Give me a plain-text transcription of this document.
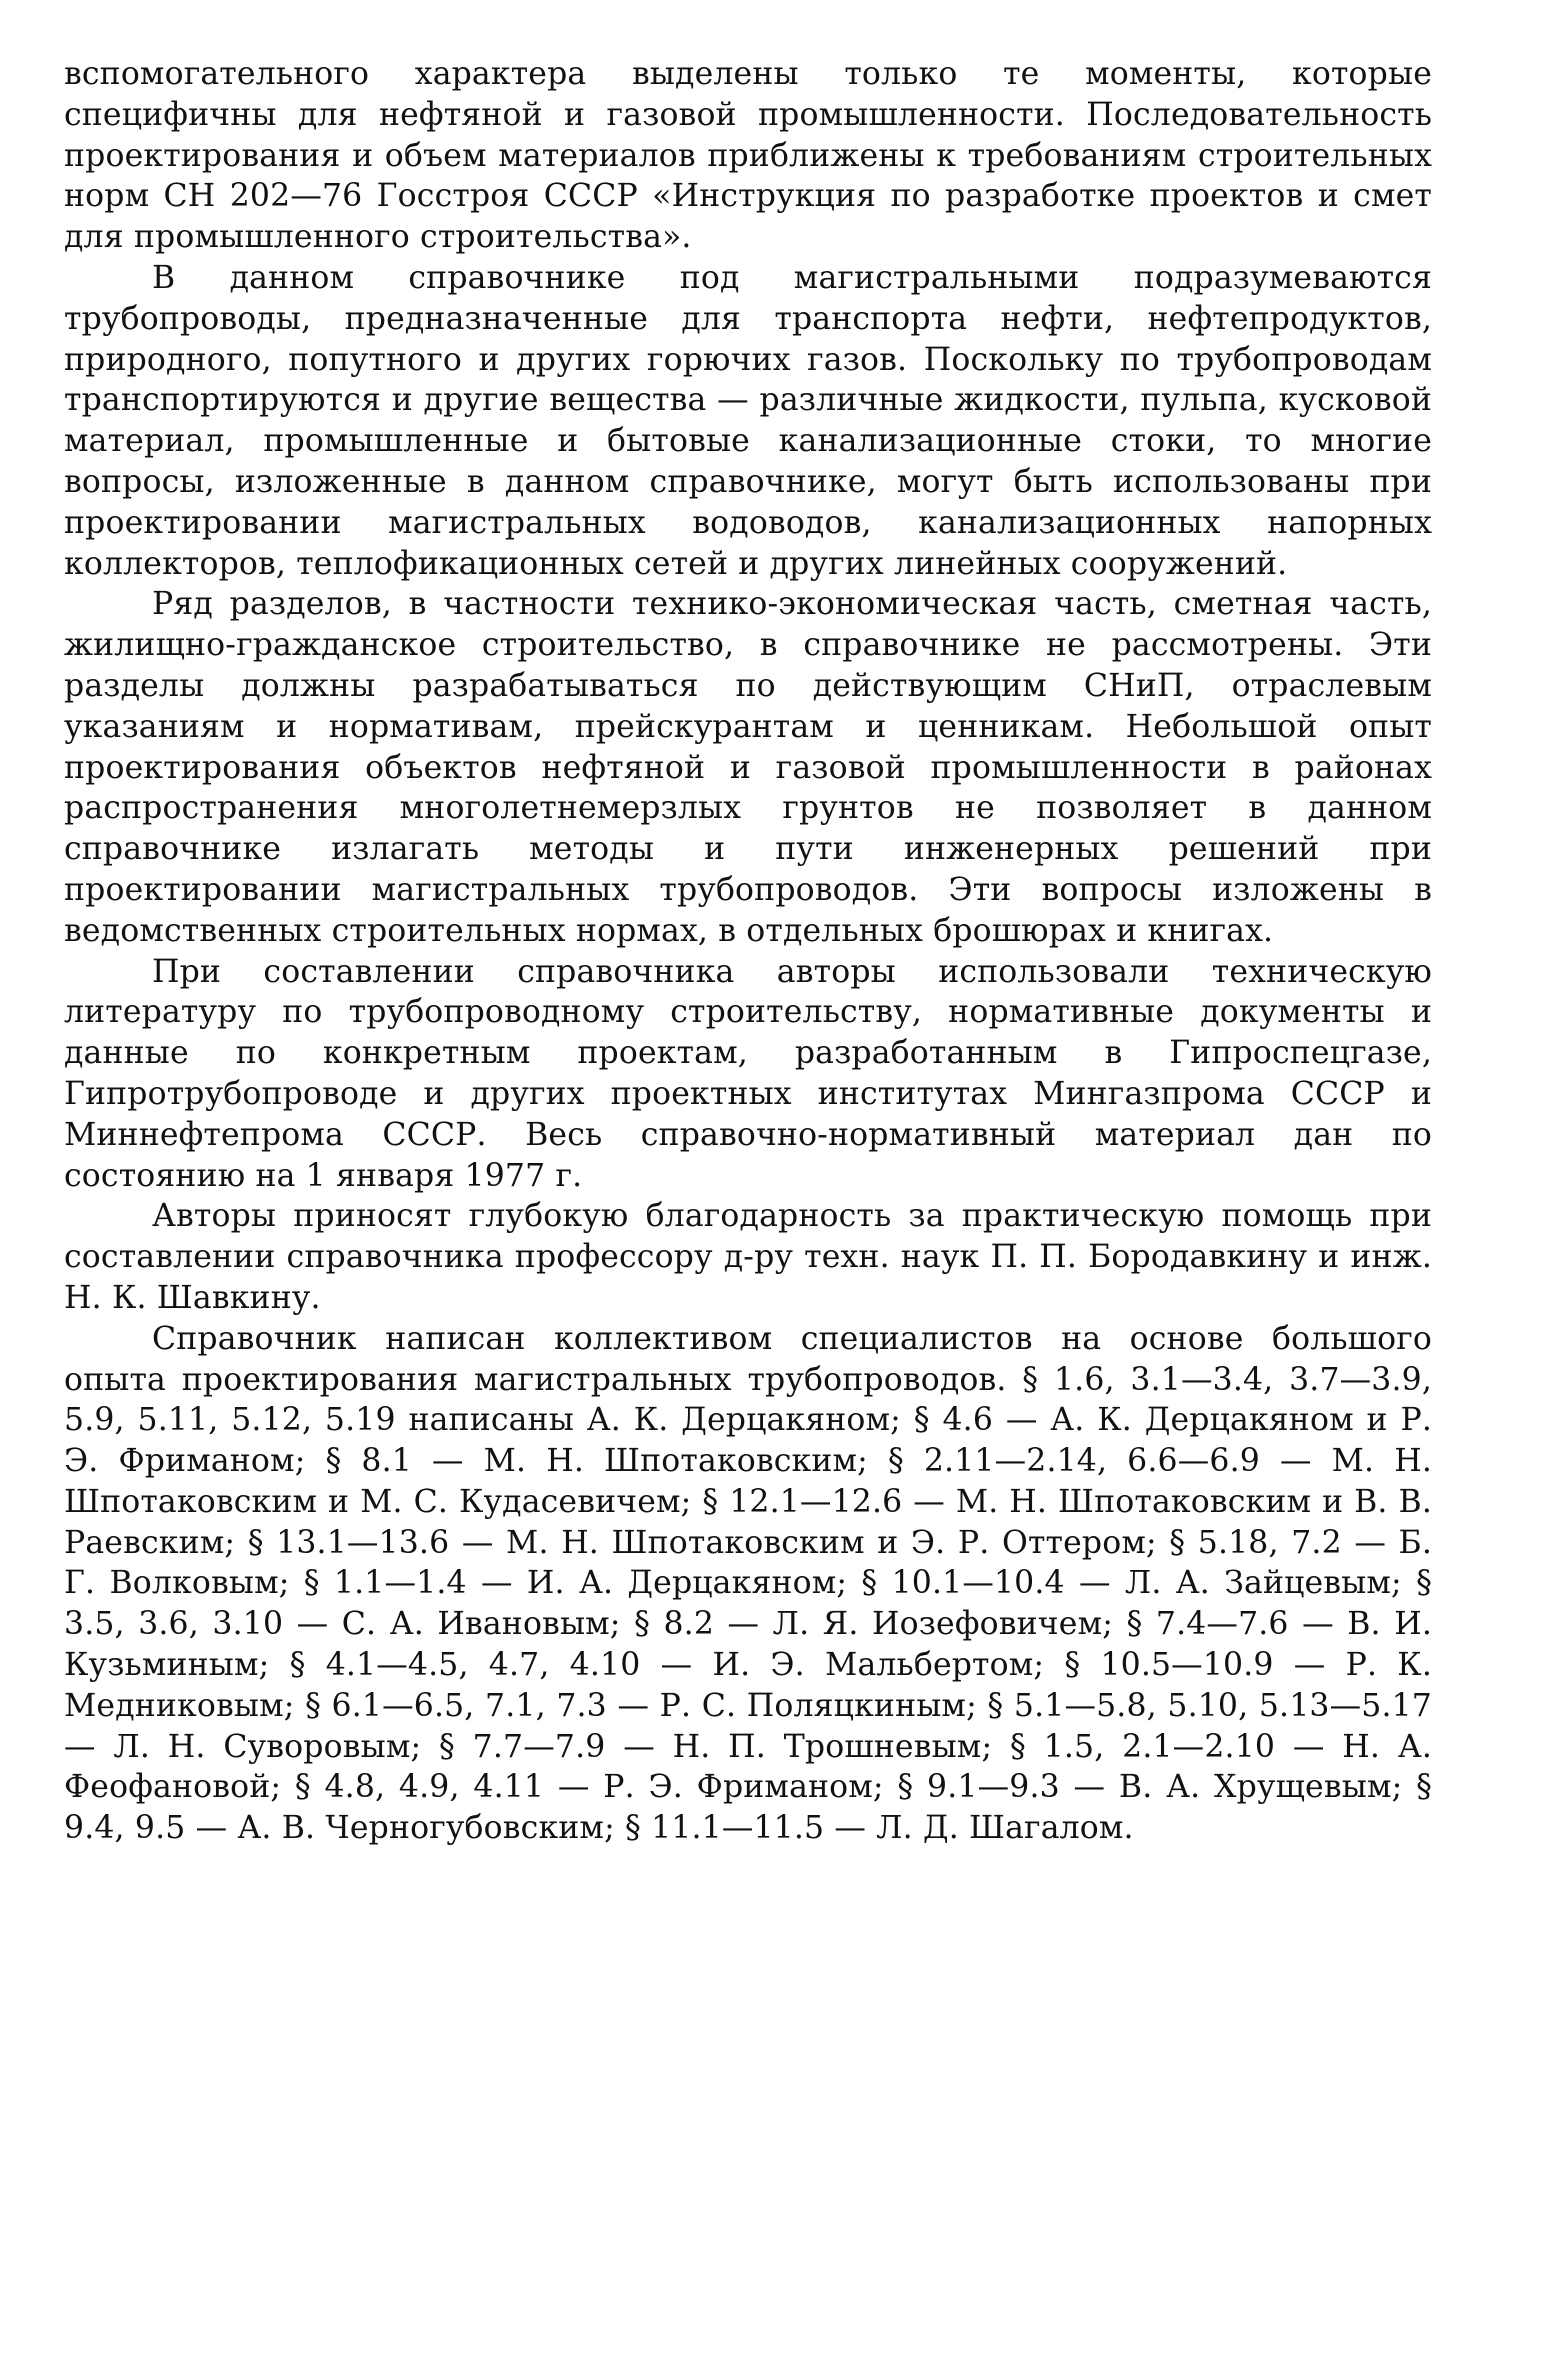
вспомогательного характера выделены только те моменты, которые специфичны для нефтяной и газовой промышленности. Последовательность проектирования и объем материалов приближены к требованиям строительных норм СН 202—76 Госстроя СССР «Инструкция по разработке проектов и смет для промышленного строительства».

В данном справочнике под магистральными подразумеваются трубопроводы, предназначенные для транспорта нефти, нефтепродуктов, природного, попутного и других горючих газов. Поскольку по трубопроводам транспортируются и другие вещества — различные жидкости, пульпа, кусковой материал, промышленные и бытовые канализационные стоки, то многие вопросы, изложенные в данном справочнике, могут быть использованы при проектировании магистральных водоводов, канализационных напорных коллекторов, теплофикационных сетей и других линейных сооружений.

Ряд разделов, в частности технико-экономическая часть, сметная часть, жилищно-гражданское строительство, в справочнике не рассмотрены. Эти разделы должны разрабатываться по действующим СНиП, отраслевым указаниям и нормативам, прейскурантам и ценникам. Небольшой опыт проектирования объектов нефтяной и газовой промышленности в районах распространения многолетнемерзлых грунтов не позволяет в данном справочнике излагать методы и пути инженерных решений при проектировании магистральных трубопроводов. Эти вопросы изложены в ведомственных строительных нормах, в отдельных брошюрах и книгах.

При составлении справочника авторы использовали техническую литературу по трубопроводному строительству, нормативные документы и данные по конкретным проектам, разработанным в Гипроспецгазе, Гипротрубопроводе и других проектных институтах Мингазпрома СССР и Миннефтепрома СССР. Весь справочно-нормативный материал дан по состоянию на 1 января 1977 г.

Авторы приносят глубокую благодарность за практическую помощь при составлении справочника профессору д-ру техн. наук П. П. Бородавкину и инж. Н. К. Шавкину.

Справочник написан коллективом специалистов на основе большого опыта проектирования магистральных трубопроводов. § 1.6, 3.1—3.4, 3.7—3.9, 5.9, 5.11, 5.12, 5.19 написаны А. К. Дерцакяном; § 4.6 — А. К. Дерцакяном и Р. Э. Фриманом; § 8.1 — М. Н. Шпотаковским; § 2.11—2.14, 6.6—6.9 — М. Н. Шпотаковским и М. С. Кудасевичем; § 12.1—12.6 — М. Н. Шпотаковским и В. В. Раевским; § 13.1—13.6 — М. Н. Шпотаковским и Э. Р. Оттером; § 5.18, 7.2 — Б. Г. Волковым; § 1.1—1.4 — И. А. Дерцакяном; § 10.1—10.4 — Л. А. Зайцевым; § 3.5, 3.6, 3.10 — С. А. Ивановым; § 8.2 — Л. Я. Иозефовичем; § 7.4—7.6 — В. И. Кузьминым; § 4.1—4.5, 4.7, 4.10 — И. Э. Мальбертом; § 10.5—10.9 — Р. К. Медниковым; § 6.1—6.5, 7.1, 7.3 — Р. С. Поляцкиным; § 5.1—5.8, 5.10, 5.13—5.17 — Л. Н. Суворовым; § 7.7—7.9 — Н. П. Трошневым; § 1.5, 2.1—2.10 — Н. А. Феофановой; § 4.8, 4.9, 4.11 — Р. Э. Фриманом; § 9.1—9.3 — В. А. Хрущевым; § 9.4, 9.5 — А. В. Черногубовским; § 11.1—11.5 — Л. Д. Шагалом.
